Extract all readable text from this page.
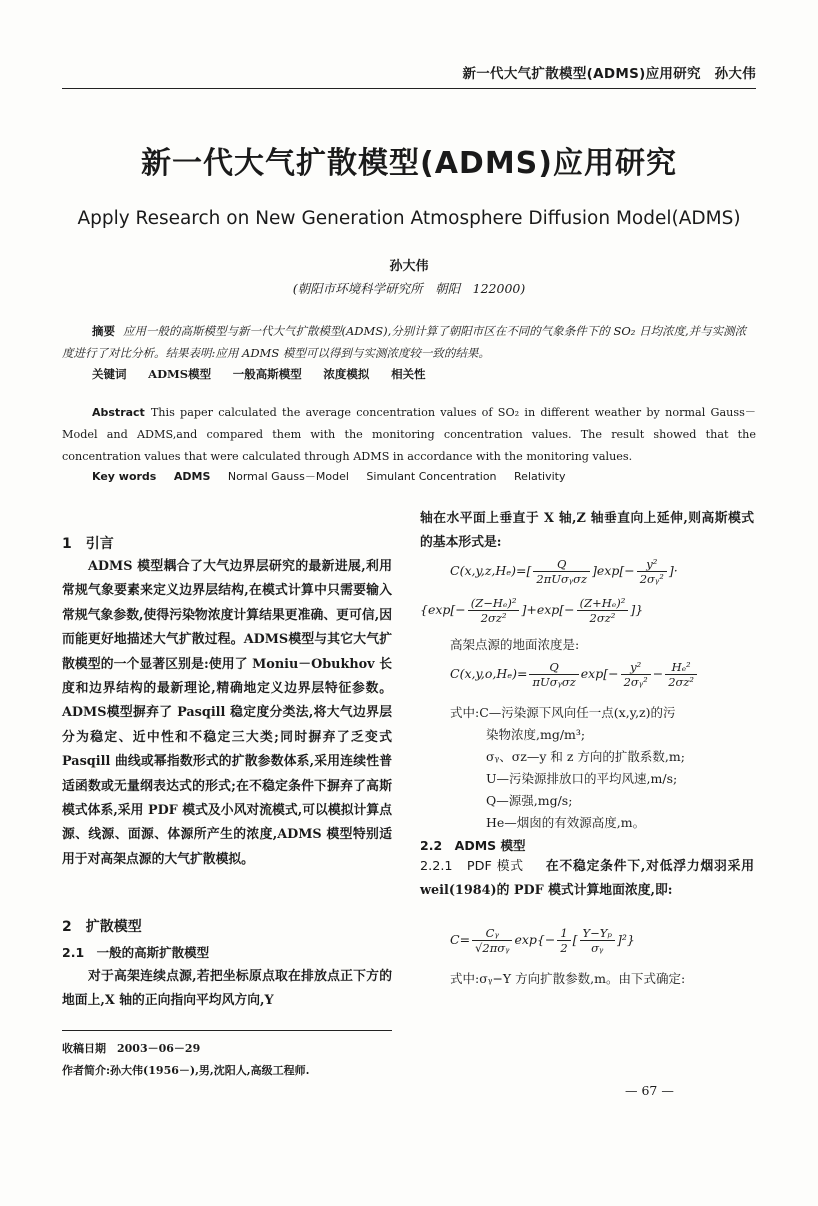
新一代大气扩散模型(ADMS)应用研究　孙大伟
新一代大气扩散模型(ADMS)应用研究
Apply Research on New Generation Atmosphere Diffusion Model(ADMS)
孙大伟
(朝阳市环境科学研究所　朝阳　122000)
摘要 应用一般的高斯模型与新一代大气扩散模型(ADMS),分别计算了朝阳市区在不同的气象条件下的 SO₂ 日均浓度,并与实测浓度进行了对比分析。结果表明:应用 ADMS 模型可以得到与实测浓度较一致的结果。
关键词 ADMS模型 一般高斯模型 浓度模拟 相关性
Abstract This paper calculated the average concentration values of SO₂ in different weather by normal Gauss－Model and ADMS,and compared them with the monitoring concentration values. The result showed that the concentration values that were calculated through ADMS in accordance with the monitoring values.
Key words ADMS Normal Gauss－Model Simulant Concentration Relativity
1　引言
ADMS 模型耦合了大气边界层研究的最新进展,利用常规气象要素来定义边界层结构,在模式计算中只需要输入常规气象参数,使得污染物浓度计算结果更准确、更可信,因而能更好地描述大气扩散过程。ADMS模型与其它大气扩散模型的一个显著区别是:使用了 Moniu－Obukhov 长度和边界结构的最新理论,精确地定义边界层特征参数。ADMS模型摒弃了 Pasqill 稳定度分类法,将大气边界层分为稳定、近中性和不稳定三大类;同时摒弃了乏变式 Pasqill 曲线或幂指数形式的扩散参数体系,采用连续性普适函数或无量纲表达式的形式;在不稳定条件下摒弃了高斯模式体系,采用 PDF 模式及小风对流模式,可以模拟计算点源、线源、面源、体源所产生的浓度,ADMS 模型特别适用于对高架点源的大气扩散模拟。
2　扩散模型
2.1　一般的高斯扩散模型
对于高架连续点源,若把坐标原点取在排放点正下方的地面上,X 轴的正向指向平均风方向,Y
收稿日期　2003－06－29
作者简介:孙大伟(1956－),男,沈阳人,高级工程师.
轴在水平面上垂直于 X 轴,Z 轴垂直向上延伸,则高斯模式的基本形式是:
$C(x,y,z,H_e)=[ \frac{Q}{\text{2πUσᵧσz}} ]\exp[- \frac{\text{y²}}{\text{2σᵧ²}}$ ]·
{$\exp[- \frac{\text{(Z−Hₑ)²}}{\text{2σz²}} ]+\exp[- \frac{\text{(Z+Hₑ)²}}{\text{2σz²}}$ ]}
高架点源的地面浓度是:
$C(x,y,o,H_e)= \frac{Q}{\text{πUσᵧσz}} \exp[- \frac{\text{y²}}{\text{2σᵧ²}} - \frac{\text{Hₑ²}}{\text{2σz²}}$
式中:C—污染源下风向任一点(x,y,z)的污
染物浓度,mg/m³;
σᵧ、σz—y 和 z 方向的扩散系数,m;
U—污染源排放口的平均风速,m/s;
Q—源强,mg/s;
He—烟囱的有效源高度,m。
2.2　ADMS 模型
2.2.1　PDF 模式 在不稳定条件下,对低浮力烟羽采用 weil(1984)的 PDF 模式计算地面浓度,即:
$C= \frac{\text{Cᵧ}}{\text{√2πσᵧ}} \exp\{- \frac{1}{2}$ [ $\frac{\text{Y−Yₚ}}{\text{σᵧ}} ]^2$}
式中:σᵧ−Y 方向扩散参数,m。由下式确定:
— 67 —
